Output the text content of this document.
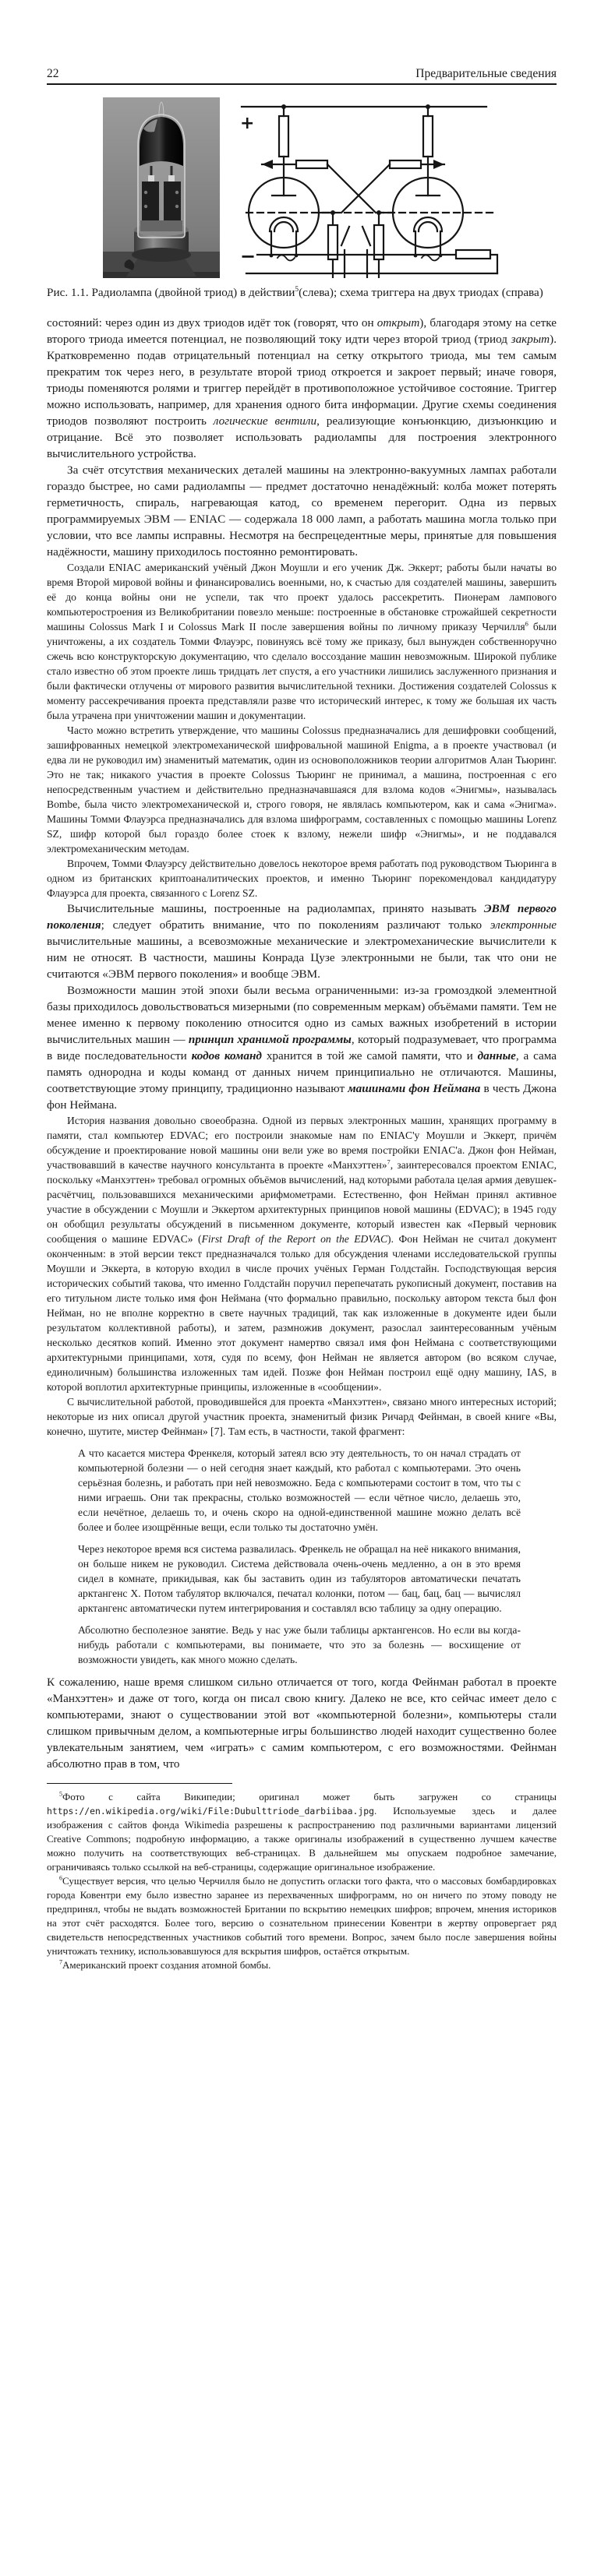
22	Предварительные сведения
+
−
Рис. 1.1. Радиолампа (двойной триод) в действии$^5$(слева); схема триггера на двух триодах (справа)
состояний: через один из двух триодов идёт ток (говорят, что он открыт), благодаря этому на сетке второго триода имеется потенциал, не позволяющий току идти через второй триод (триод закрыт). Кратковременно подав отрицательный потенциал на сетку открытого триода, мы тем самым прекратим ток через него, в результате второй триод откроется и закроет первый; иначе говоря, триоды поменяются ролями и триггер перейдёт в противоположное устойчивое состояние. Триггер можно использовать, например, для хранения одного бита информации. Другие схемы соединения триодов позволяют построить логические вентили, реализующие конъюнкцию, дизъюнкцию и отрицание. Всё это позволяет использовать радиолампы для построения электронного вычислительного устройства.
За счёт отсутствия механических деталей машины на электронно-вакуумных лампах работали гораздо быстрее, но сами радиолампы — предмет достаточно ненадёжный: колба может потерять герметичность, спираль, нагревающая катод, со временем перегорит. Одна из первых программируемых ЭВМ — ENIAC — содержала 18 000 ламп, а работать машина могла только при условии, что все лампы исправны. Несмотря на беспрецедентные меры, принятые для повышения надёжности, машину приходилось постоянно ремонтировать.
Создали ENIAC американский учёный Джон Моушли и его ученик Дж. Эккерт; работы были начаты во время Второй мировой войны и финансировались военными, но, к счастью для создателей машины, завершить её до конца войны они не успели, так что проект удалось рассекретить. Пионерам лампового компьютеростроения из Великобритании повезло меньше: построенные в обстановке строжайшей секретности машины Colossus Mark I и Colossus Mark II после завершения войны по личному приказу Черчилля$^6$ были уничтожены, а их создатель Томми Флауэрс, повинуясь всё тому же приказу, был вынужден собственноручно сжечь всю конструкторскую документацию, что сделало воссоздание машин невозможным. Широкой публике стало известно об этом проекте лишь тридцать лет спустя, а его участники лишились заслуженного признания и были фактически отлучены от мирового развития вычислительной техники. Достижения создателей Colossus к моменту рассекречивания проекта представляли разве что исторический интерес, к тому же большая их часть была утрачена при уничтожении машин и документации.
Часто можно встретить утверждение, что машины Colossus предназначались для дешифровки сообщений, зашифрованных немецкой электромеханической шифровальной машиной Enigma, а в проекте участвовал (и едва ли не руководил им) знаменитый математик, один из основоположников теории алгоритмов Алан Тьюринг. Это не так; никакого участия в проекте Colossus Тьюринг не принимал, а машина, построенная с его непосредственным участием и действительно предназначавшаяся для взлома кодов «Энигмы», называлась Bombe, была чисто электромеханической и, строго говоря, не являлась компьютером, как и сама «Энигма». Машины Томми Флауэрса предназначались для взлома шифрограмм, составленных с помощью машины Lorenz SZ, шифр которой был гораздо более стоек к взлому, нежели шифр «Энигмы», и не поддавался электромеханическим методам.
Впрочем, Томми Флауэрсу действительно довелось некоторое время работать под руководством Тьюринга в одном из британских криптоаналитических проектов, и именно Тьюринг порекомендовал кандидатуру Флауэрса для проекта, связанного с Lorenz SZ.
Вычислительные машины, построенные на радиолампах, принято называть ЭВМ первого поколения; следует обратить внимание, что по поколениям различают только электронные вычислительные машины, а всевозможные механические и электромеханические вычислители к ним не относят. В частности, машины Конрада Цузе электронными не были, так что они не считаются «ЭВМ первого поколения» и вообще ЭВМ.
Возможности машин этой эпохи были весьма ограниченными: из-за громоздкой элементной базы приходилось довольствоваться мизерными (по современным меркам) объёмами памяти. Тем не менее именно к первому поколению относится одно из самых важных изобретений в истории вычислительных машин — принцип хранимой программы, который подразумевает, что программа в виде последовательности кодов команд хранится в той же самой памяти, что и данные, а сама память однородна и коды команд от данных ничем принципиально не отличаются. Машины, соответствующие этому принципу, традиционно называют машинами фон Неймана в честь Джона фон Неймана.
История названия довольно своеобразна. Одной из первых электронных машин, хранящих программу в памяти, стал компьютер EDVAC; его построили знакомые нам по ENIAC'у Моушли и Эккерт, причём обсуждение и проектирование новой машины они вели уже во время постройки ENIAC'а. Джон фон Нейман, участвовавший в качестве научного консультанта в проекте «Манхэттен»$^7$, заинтересовался проектом ENIAC, поскольку «Манхэттен» требовал огромных объёмов вычислений, над которыми работала целая армия девушек-расчётчиц, пользовавшихся механическими арифмометрами. Естественно, фон Нейман принял активное участие в обсуждении с Моушли и Эккертом архитектурных принципов новой машины (EDVAC); в 1945 году он обобщил результаты обсуждений в письменном документе, который известен как «Первый черновик сообщения о машине EDVAC» (First Draft of the Report on the EDVAC). Фон Нейман не считал документ оконченным: в этой версии текст предназначался только для обсуждения членами исследовательской группы Моушли и Эккерта, в которую входил в числе прочих учёных Герман Голдстайн. Господствующая версия исторических событий такова, что именно Голдстайн поручил перепечатать рукописный документ, поставив на его титульном листе только имя фон Неймана (что формально правильно, поскольку автором текста был фон Нейман, но не вполне корректно в свете научных традиций, так как изложенные в документе идеи были результатом коллективной работы), и затем, размножив документ, разослал заинтересованным учёным несколько десятков копий. Именно этот документ намертво связал имя фон Неймана с соответствующими архитектурными принципами, хотя, судя по всему, фон Нейман не является автором (во всяком случае, единоличным) большинства изложенных там идей. Позже фон Нейман построил ещё одну машину, IAS, в которой воплотил архитектурные принципы, изложенные в «сообщении».
С вычислительной работой, проводившейся для проекта «Манхэттен», связано много интересных историй; некоторые из них описал другой участник проекта, знаменитый физик Ричард Фейнман, в своей книге «Вы, конечно, шутите, мистер Фейнман» [7]. Там есть, в частности, такой фрагмент:
А что касается мистера Френкеля, который затеял всю эту деятельность, то он начал страдать от компьютерной болезни — о ней сегодня знает каждый, кто работал с компьютерами. Это очень серьёзная болезнь, и работать при ней невозможно. Беда с компьютерами состоит в том, что ты с ними играешь. Они так прекрасны, столько возможностей — если чётное число, делаешь это, если нечётное, делаешь то, и очень скоро на одной-единственной машине можно делать всё более и более изощрённые вещи, если только ты достаточно умён.
Через некоторое время вся система развалилась. Френкель не обращал на неё никакого внимания, он больше никем не руководил. Система действовала очень-очень медленно, а он в это время сидел в комнате, прикидывая, как бы заставить один из табуляторов автоматически печатать арктангенс X. Потом табулятор включался, печатал колонки, потом — бац, бац, бац — вычислял арктангенс автоматически путем интегрирования и составлял всю таблицу за одну операцию.
Абсолютно бесполезное занятие. Ведь у нас уже были таблицы арктангенсов. Но если вы когда-нибудь работали с компьютерами, вы понимаете, что это за болезнь — восхищение от возможности увидеть, как много можно сделать.
К сожалению, наше время слишком сильно отличается от того, когда Фейнман работал в проекте «Манхэттен» и даже от того, когда он писал свою книгу. Далеко не все, кто сейчас имеет дело с компьютерами, знают о существовании этой вот «компьютерной болезни», компьютеры стали слишком привычным делом, а компьютерные игры большинство людей находит существенно более увлекательным занятием, чем «играть» с самим компьютером, с его возможностями. Фейнман абсолютно прав в том, что
$^5$Фото с сайта Википедии; оригинал может быть загружен со страницы https://en.wikipedia.org/wiki/File:Dubulttriode_darbiibaa.jpg. Используемые здесь и далее изображения с сайтов фонда Wikimedia разрешены к распространению под различными вариантами лицензий Creative Commons; подробную информацию, а также оригиналы изображений в существенно лучшем качестве можно получить на соответствующих веб-страницах. В дальнейшем мы опускаем подробное замечание, ограничиваясь только ссылкой на веб-страницы, содержащие оригинальное изображение.
$^6$Существует версия, что целью Черчилля было не допустить огласки того факта, что о массовых бомбардировках города Ковентри ему было известно заранее из перехваченных шифрограмм, но он ничего по этому поводу не предпринял, чтобы не выдать возможностей Британии по вскрытию немецких шифров; впрочем, мнения историков на этот счёт расходятся. Более того, версию о сознательном принесении Ковентри в жертву опровергает ряд свидетельств непосредственных участников событий того времени. Вопрос, зачем было после завершения войны уничтожать технику, использовавшуюся для вскрытия шифров, остаётся открытым.
$^7$Американский проект создания атомной бомбы.
